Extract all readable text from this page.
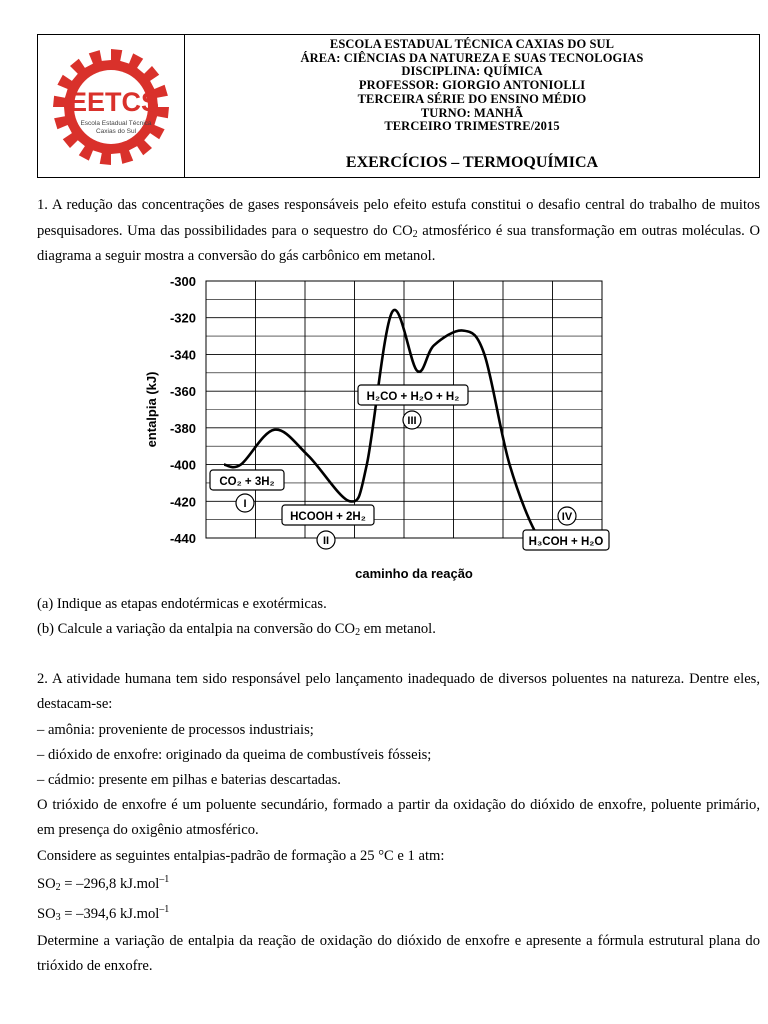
EETCS
Escola Estadual Técnica
Caxias do Sul
ESCOLA ESTADUAL TÉCNICA CAXIAS DO SUL
ÁREA: CIÊNCIAS DA NATUREZA E SUAS TECNOLOGIAS
DISCIPLINA: QUÍMICA
PROFESSOR: GIORGIO ANTONIOLLI
TERCEIRA SÉRIE DO ENSINO MÉDIO
TURNO: MANHÃ
TERCEIRO TRIMESTRE/2015
EXERCÍCIOS – TERMOQUÍMICA

1. A redução das concentrações de gases responsáveis pelo efeito estufa constitui o desafio central do trabalho de muitos pesquisadores. Uma das possibilidades para o sequestro do $CO_2$ atmosférico é sua transformação em outras moléculas. O diagrama a seguir mostra a conversão do gás carbônico em metanol.

(a) Indique as etapas endotérmicas e exotérmicas.

(b) Calcule a variação da entalpia na conversão do $CO_2$ em metanol.

2. A atividade humana tem sido responsável pelo lançamento inadequado de diversos poluentes na natureza. Dentre eles, destacam-se:

– amônia: proveniente de processos industriais;

– dióxido de enxofre: originado da queima de combustíveis fósseis;

– cádmio: presente em pilhas e baterias descartadas.

O trióxido de enxofre é um poluente secundário, formado a partir da oxidação do dióxido de enxofre, poluente primário, em presença do oxigênio atmosférico.

Considere as seguintes entalpias-padrão de formação a 25 °C e 1 atm:

$SO_2 = -296,8$ kJ.mol$^{-1}$

$SO_3 = -394,6$ kJ.mol$^{-1}$

Determine a variação de entalpia da reação de oxidação do dióxido de enxofre e apresente a fórmula estrutural plana do trióxido de enxofre.

-300
-320
-340
-360
-380
-400
-420
-440
entalpia (kJ)
caminho da reação
CO₂ + 3H₂
I
HCOOH + 2H₂
II
H₂CO + H₂O + H₂
III
H₃COH + H₂O
IV
